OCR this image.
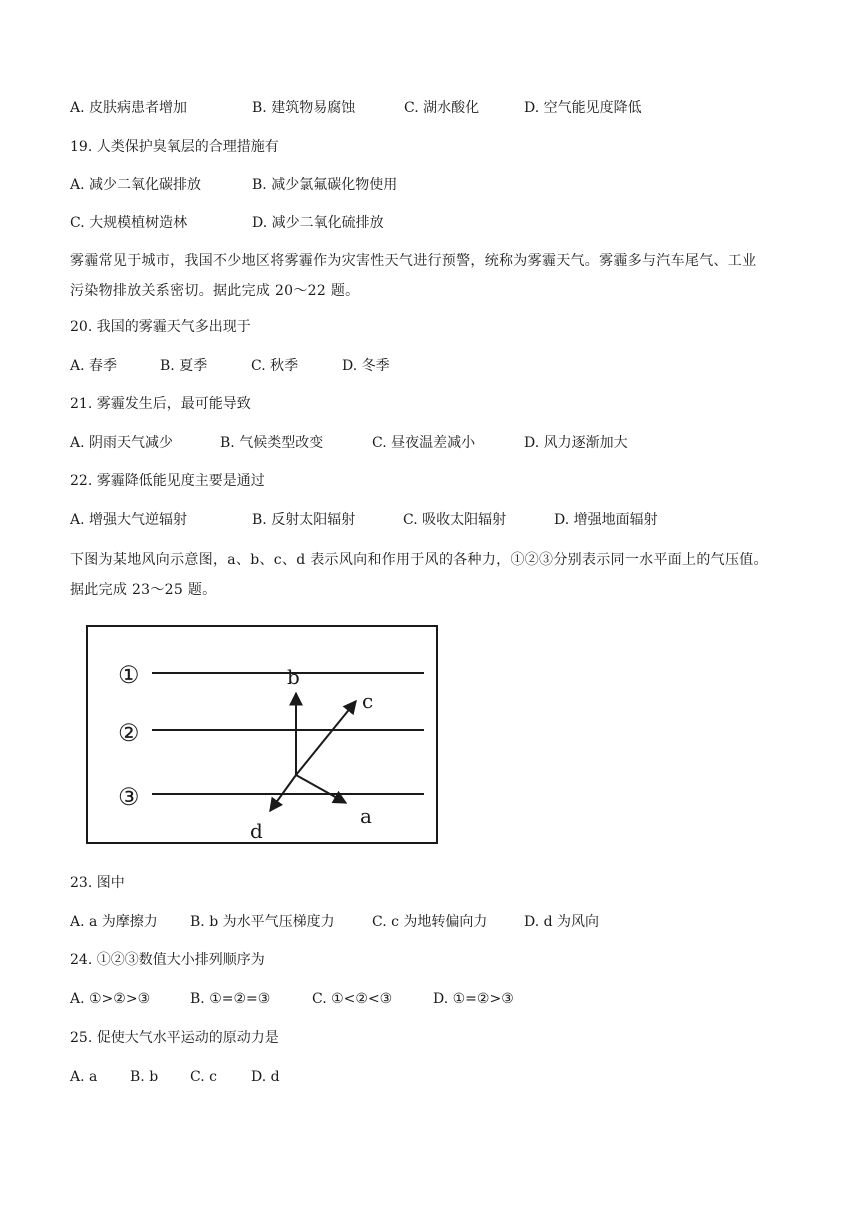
A. 皮肤病患者增加	B. 建筑物易腐蚀	C. 湖水酸化	D. 空气能见度降低
19. 人类保护臭氧层的合理措施有
A. 减少二氧化碳排放	B. 减少氯氟碳化物使用
C. 大规模植树造林	D. 减少二氧化硫排放
雾霾常见于城市，我国不少地区将雾霾作为灾害性天气进行预警，统称为雾霾天气。雾霾多与汽车尾气、工业
污染物排放关系密切。据此完成 20～22 题。
20. 我国的雾霾天气多出现于
A. 春季	B. 夏季	C. 秋季	D. 冬季
21. 雾霾发生后，最可能导致
A. 阴雨天气减少	B. 气候类型改变	C. 昼夜温差减小	D. 风力逐渐加大
22. 雾霾降低能见度主要是通过
A. 增强大气逆辐射	B. 反射太阳辐射	C. 吸收太阳辐射	D. 增强地面辐射
下图为某地风向示意图，a、b、c、d 表示风向和作用于风的各种力，①②③分别表示同一水平面上的气压值。
据此完成 23～25 题。
①
②
③
b
c
a
d
23. 图中
A. a 为摩擦力 B. b 为水平气压梯度力	C. c 为地转偏向力	D. d 为风向
24. ①②③数值大小排列顺序为
A. ①>②>③	B. ①=②=③	C. ①<②<③	D. ①=②>③
25. 促使大气水平运动的原动力是
A. a B. b C. c D. d
